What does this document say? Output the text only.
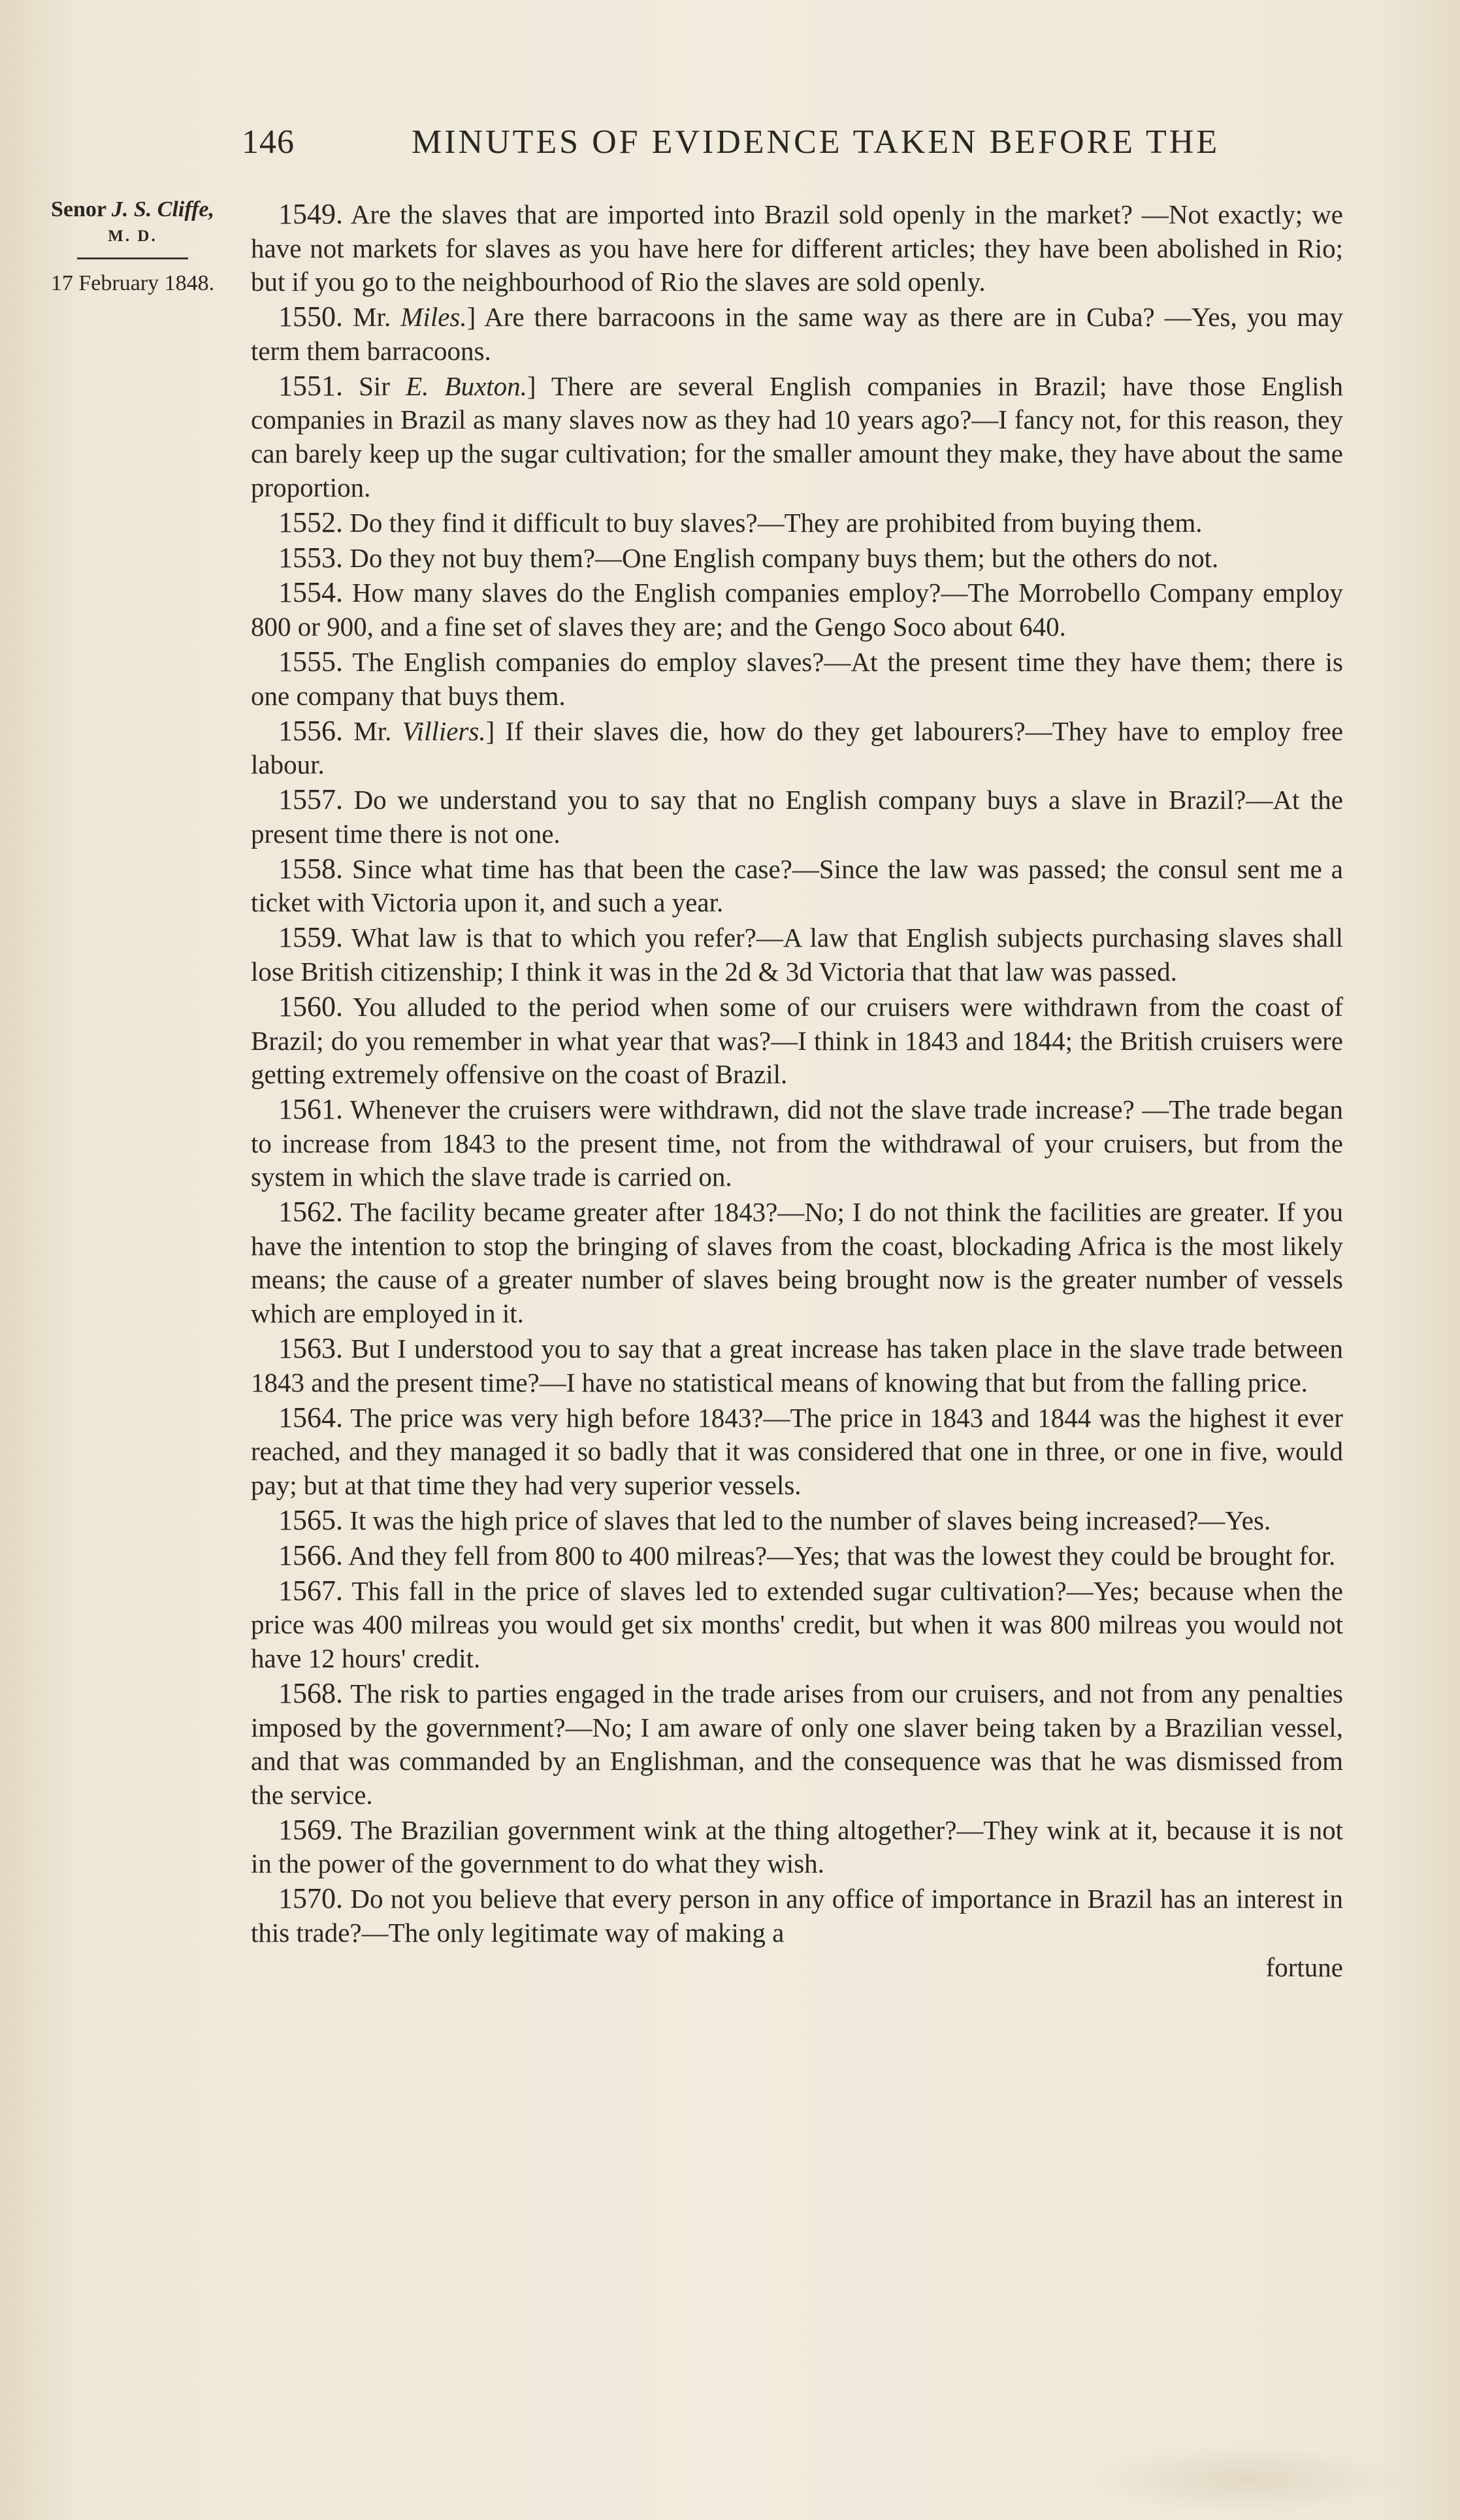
146	MINUTES OF EVIDENCE TAKEN BEFORE THE
Senor J. S. Cliffe,
M. D.
17 February 1848.

1549. Are the slaves that are imported into Brazil sold openly in the market? —Not exactly; we have not markets for slaves as you have here for different articles; they have been abolished in Rio; but if you go to the neighbourhood of Rio the slaves are sold openly.

1550. Mr. Miles.] Are there barracoons in the same way as there are in Cuba? —Yes, you may term them barracoons.

1551. Sir E. Buxton.] There are several English companies in Brazil; have those English companies in Brazil as many slaves now as they had 10 years ago?—I fancy not, for this reason, they can barely keep up the sugar cultivation; for the smaller amount they make, they have about the same proportion.

1552. Do they find it difficult to buy slaves?—They are prohibited from buying them.

1553. Do they not buy them?—One English company buys them; but the others do not.

1554. How many slaves do the English companies employ?—The Morrobello Company employ 800 or 900, and a fine set of slaves they are; and the Gengo Soco about 640.

1555. The English companies do employ slaves?—At the present time they have them; there is one company that buys them.

1556. Mr. Villiers.] If their slaves die, how do they get labourers?—They have to employ free labour.

1557. Do we understand you to say that no English company buys a slave in Brazil?—At the present time there is not one.

1558. Since what time has that been the case?—Since the law was passed; the consul sent me a ticket with Victoria upon it, and such a year.

1559. What law is that to which you refer?—A law that English subjects purchasing slaves shall lose British citizenship; I think it was in the 2d & 3d Victoria that that law was passed.

1560. You alluded to the period when some of our cruisers were withdrawn from the coast of Brazil; do you remember in what year that was?—I think in 1843 and 1844; the British cruisers were getting extremely offensive on the coast of Brazil.

1561. Whenever the cruisers were withdrawn, did not the slave trade increase? —The trade began to increase from 1843 to the present time, not from the withdrawal of your cruisers, but from the system in which the slave trade is carried on.

1562. The facility became greater after 1843?—No; I do not think the facilities are greater. If you have the intention to stop the bringing of slaves from the coast, blockading Africa is the most likely means; the cause of a greater number of slaves being brought now is the greater number of vessels which are employed in it.

1563. But I understood you to say that a great increase has taken place in the slave trade between 1843 and the present time?—I have no statistical means of knowing that but from the falling price.

1564. The price was very high before 1843?—The price in 1843 and 1844 was the highest it ever reached, and they managed it so badly that it was considered that one in three, or one in five, would pay; but at that time they had very superior vessels.

1565. It was the high price of slaves that led to the number of slaves being increased?—Yes.

1566. And they fell from 800 to 400 milreas?—Yes; that was the lowest they could be brought for.

1567. This fall in the price of slaves led to extended sugar cultivation?—Yes; because when the price was 400 milreas you would get six months' credit, but when it was 800 milreas you would not have 12 hours' credit.

1568. The risk to parties engaged in the trade arises from our cruisers, and not from any penalties imposed by the government?—No; I am aware of only one slaver being taken by a Brazilian vessel, and that was commanded by an Englishman, and the consequence was that he was dismissed from the service.

1569. The Brazilian government wink at the thing altogether?—They wink at it, because it is not in the power of the government to do what they wish.

1570. Do not you believe that every person in any office of importance in Brazil has an interest in this trade?—The only legitimate way of making a

fortune
